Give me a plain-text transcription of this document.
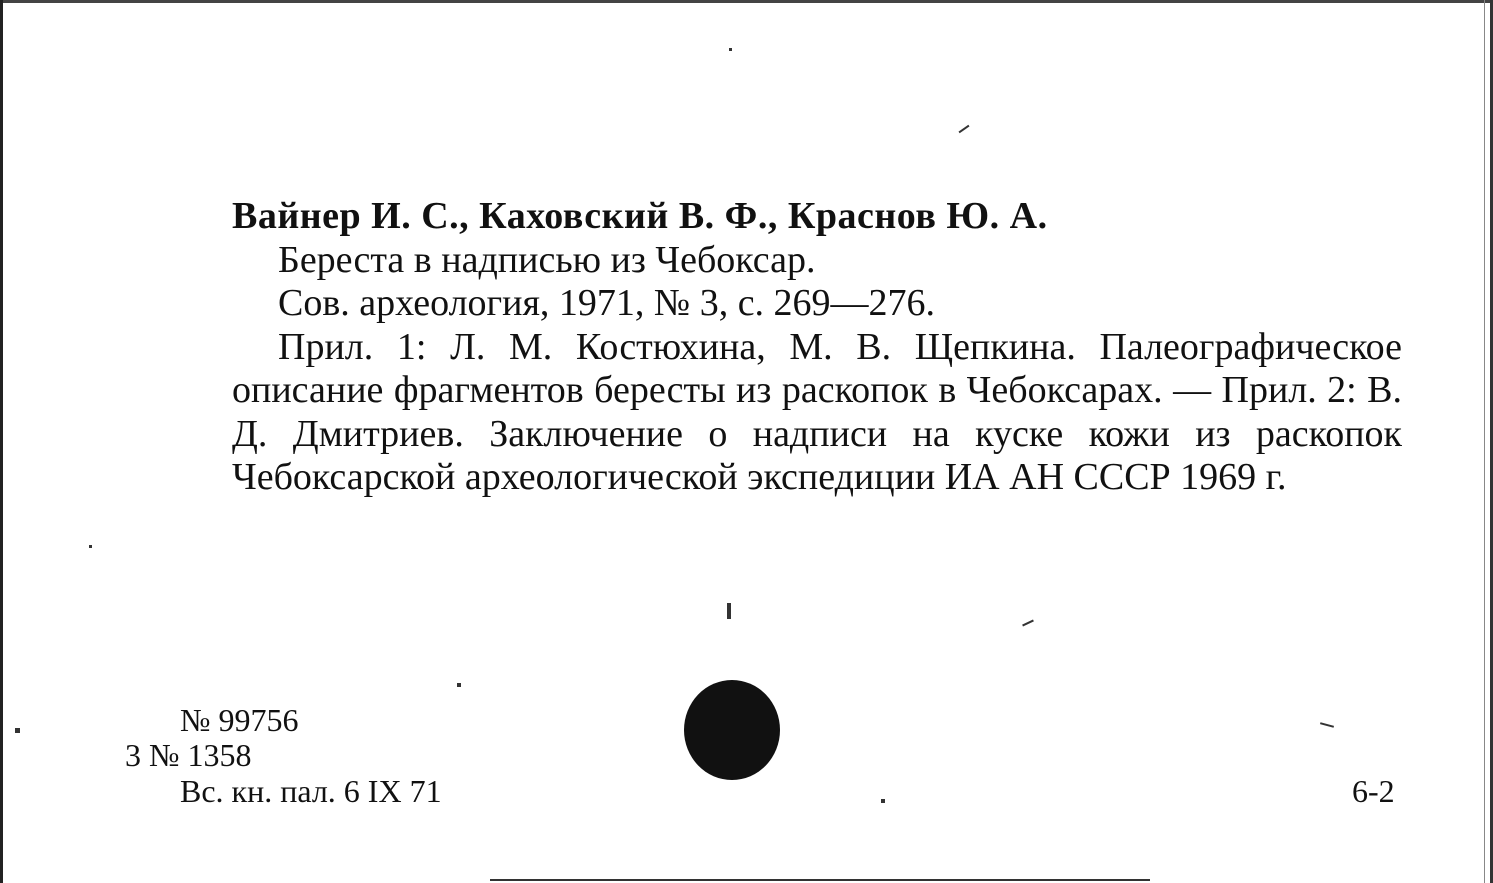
Вайнер И. С., Каховский В. Ф., Краснов Ю. А.
Береста в надписью из Чебоксар.
Сов. археология, 1971, № 3, с. 269—276.
Прил. 1: Л. М. Костюхина, М. В. Щепкина. Палеографическое описание фрагментов бересты из раскопок в Чебоксарах. — Прил. 2: В. Д. Дмитриев. Заключение о надписи на куске кожи из раскопок Чебоксарской археологической экспедиции ИА АН СССР 1969 г.
№ 99756
3 № 1358
Вс. кн. пал. 6 IX 71	6-2
